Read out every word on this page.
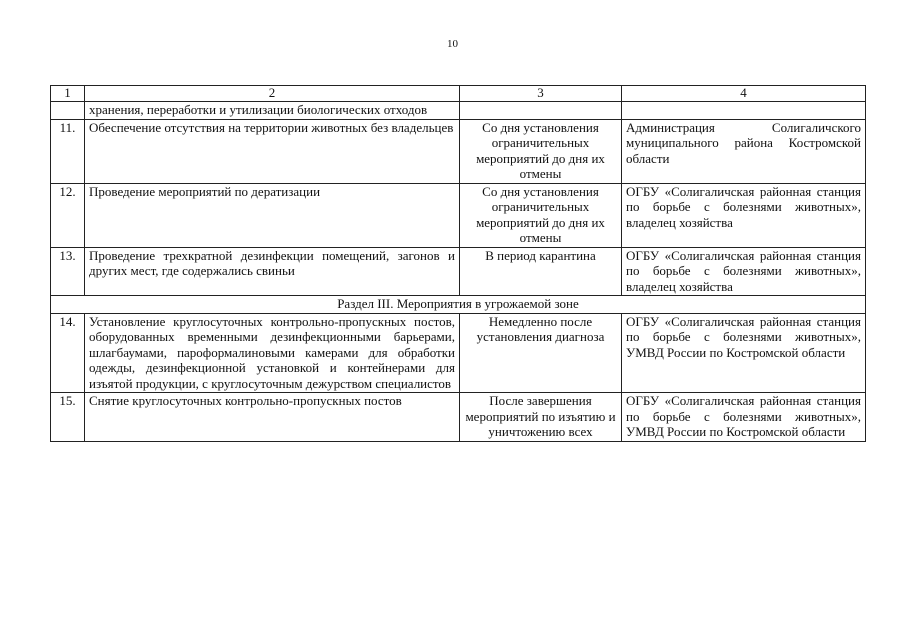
10
1	2	3	4
	хранения, переработки и утилизации биологических отходов		
11.	Обеспечение отсутствия на территории животных без владельцев	Со дня установления ограничительных мероприятий до дня их отмены	Администрация Солигаличского муниципального района Костромской области
12.	Проведение мероприятий по дератизации	Со дня установления ограничительных мероприятий до дня их отмены	ОГБУ «Солигаличская районная станция по борьбе с болезнями животных», владелец хозяйства
13.	Проведение трехкратной дезинфекции помещений, загонов и других мест, где содержались свиньи	В период карантина	ОГБУ «Солигаличская районная станция по борьбе с болезнями животных», владелец хозяйства
Раздел III. Мероприятия в угрожаемой зоне			
14.	Установление круглосуточных контрольно-пропускных постов, оборудованных временными дезинфекционными барьерами, шлагбаумами, пароформалиновыми камерами для обработки одежды, дезинфекционной установкой и контейнерами для изъятой продукции, с круглосуточным дежурством специалистов	Немедленно после установления диагноза	ОГБУ «Солигаличская районная станция по борьбе с болезнями животных», УМВД России по Костромской области
15.	Снятие круглосуточных контрольно-пропускных постов	После завершения мероприятий по изъятию и уничтожению всех	ОГБУ «Солигаличская районная станция по борьбе с болезнями животных», УМВД России по Костромской области
